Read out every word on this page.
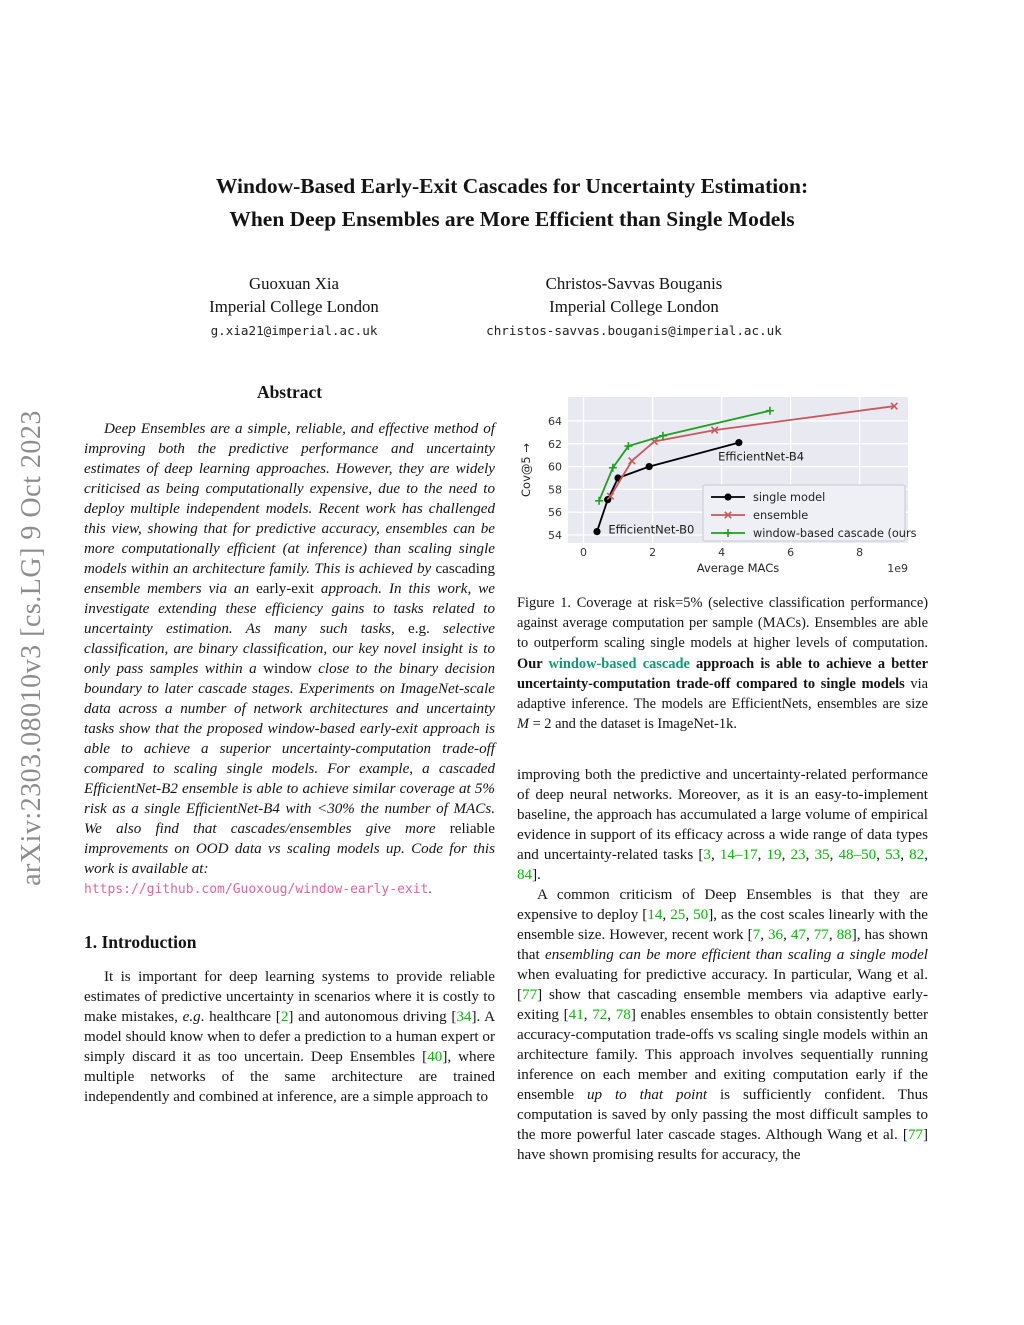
arXiv:2303.08010v3 [cs.LG] 9 Oct 2023
Window-Based Early-Exit Cascades for Uncertainty Estimation:
When Deep Ensembles are More Efficient than Single Models
Guoxuan Xia
Imperial College London
g.xia21@imperial.ac.uk
Christos-Savvas Bouganis
Imperial College London
christos-savvas.bouganis@imperial.ac.uk
Abstract
Deep Ensembles are a simple, reliable, and effective method of improving both the predictive performance and uncertainty estimates of deep learning approaches. However, they are widely criticised as being computationally expensive, due to the need to deploy multiple independent models. Recent work has challenged this view, showing that for predictive accuracy, ensembles can be more computationally efficient (at inference) than scaling single models within an architecture family. This is achieved by cascading ensemble members via an early-exit approach. In this work, we investigate extending these efficiency gains to tasks related to uncertainty estimation. As many such tasks, e.g. selective classification, are binary classification, our key novel insight is to only pass samples within a window close to the binary decision boundary to later cascade stages. Experiments on ImageNet-scale data across a number of network architectures and uncertainty tasks show that the proposed window-based early-exit approach is able to achieve a superior uncertainty-computation trade-off compared to scaling single models. For example, a cascaded EfficientNet-B2 ensemble is able to achieve similar coverage at 5% risk as a single EfficientNet-B4 with <30% the number of MACs. We also find that cascades/ensembles give more reliable improvements on OOD data vs scaling models up. Code for this work is available at:
https://github.com/Guoxoug/window-early-exit.
1. Introduction
It is important for deep learning systems to provide reliable estimates of predictive uncertainty in scenarios where it is costly to make mistakes, e.g. healthcare [2] and autonomous driving [34]. A model should know when to defer a prediction to a human expert or simply discard it as too uncertain. Deep Ensembles [40], where multiple networks of the same architecture are trained independently and combined at inference, are a simple approach to
0	2	4	6	8
54
56
58
60
62
64
Average MACs	1e9
Cov@5 →
EfficientNet-B0
EfficientNet-B4
single model
ensemble
window-based cascade (ours)
Figure 1. Coverage at risk=5% (selective classification performance) against average computation per sample (MACs). Ensembles are able to outperform scaling single models at higher levels of computation. Our window-based cascade approach is able to achieve a better uncertainty-computation trade-off compared to single models via adaptive inference. The models are EfficientNets, ensembles are size M = 2 and the dataset is ImageNet-1k.
improving both the predictive and uncertainty-related performance of deep neural networks. Moreover, as it is an easy-to-implement baseline, the approach has accumulated a large volume of empirical evidence in support of its efficacy across a wide range of data types and uncertainty-related tasks [3, 14–17, 19, 23, 35, 48–50, 53, 82, 84].
A common criticism of Deep Ensembles is that they are expensive to deploy [14, 25, 50], as the cost scales linearly with the ensemble size. However, recent work [7, 36, 47, 77, 88], has shown that ensembling can be more efficient than scaling a single model when evaluating for predictive accuracy. In particular, Wang et al. [77] show that cascading ensemble members via adaptive early-exiting [41, 72, 78] enables ensembles to obtain consistently better accuracy-computation trade-offs vs scaling single models within an architecture family. This approach involves sequentially running inference on each member and exiting computation early if the ensemble up to that point is sufficiently confident. Thus computation is saved by only passing the most difficult samples to the more powerful later cascade stages. Although Wang et al. [77] have shown promising results for accuracy, the
